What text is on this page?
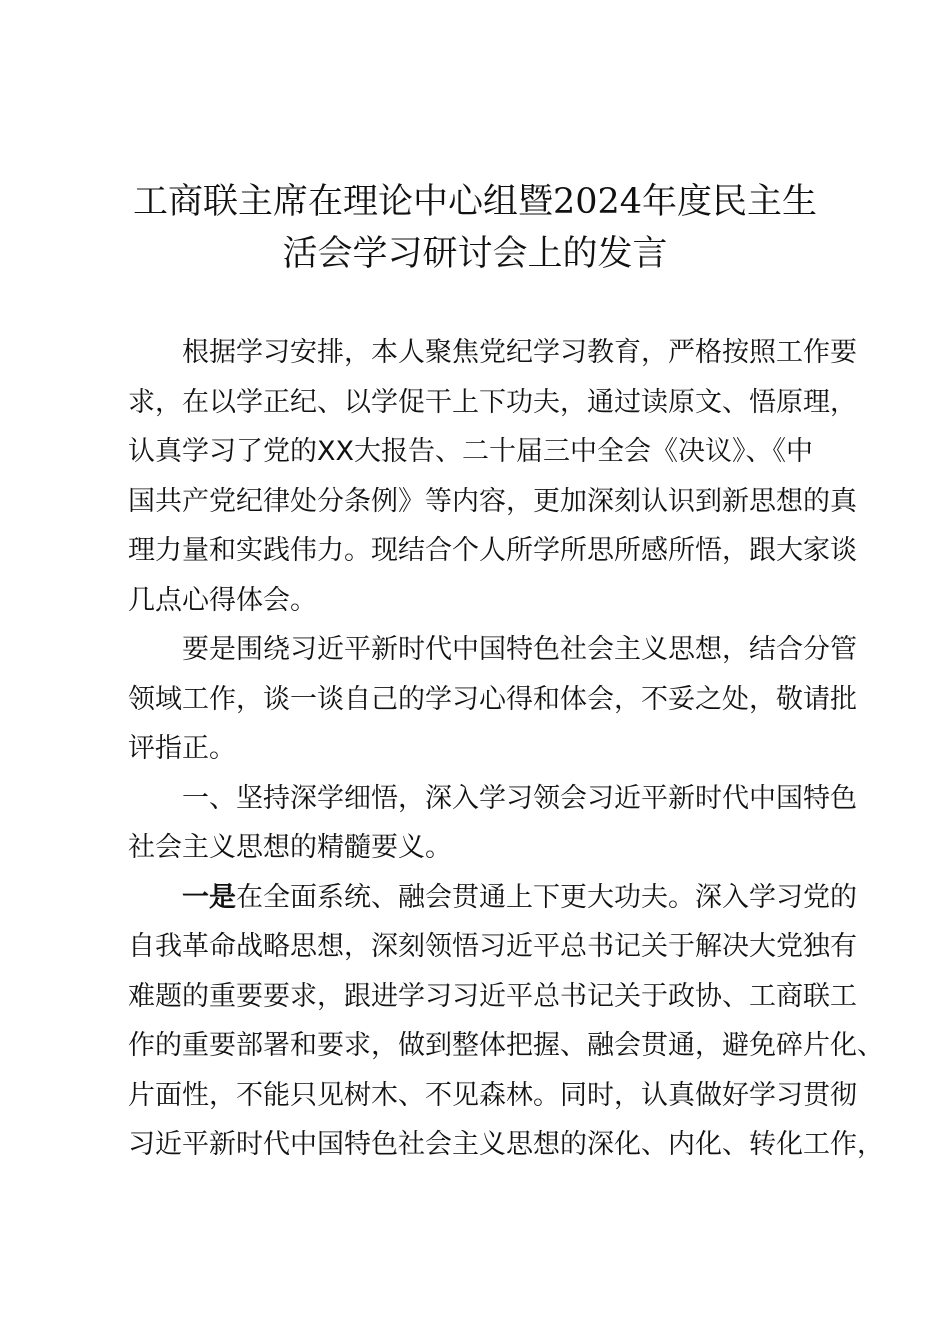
工商联主席在理论中心组暨2024年度民主生
活会学习研讨会上的发言

根据学习安排，本人聚焦党纪学习教育，严格按照工作要
求，在以学正纪、以学促干上下功夫，通过读原文、悟原理，
认真学习了党的XX大报告、二十届三中全会《决议》、《中
国共产党纪律处分条例》等内容，更加深刻认识到新思想的真
理力量和实践伟力。现结合个人所学所思所感所悟，跟大家谈
几点心得体会。

要是围绕习近平新时代中国特色社会主义思想，结合分管
领域工作，谈一谈自己的学习心得和体会，不妥之处，敬请批
评指正。

一、坚持深学细悟，深入学习领会习近平新时代中国特色
社会主义思想的精髓要义。

一是在全面系统、融会贯通上下更大功夫。深入学习党的
自我革命战略思想，深刻领悟习近平总书记关于解决大党独有
难题的重要要求，跟进学习习近平总书记关于政协、工商联工
作的重要部署和要求，做到整体把握、融会贯通，避免碎片化、
片面性，不能只见树木、不见森林。同时，认真做好学习贯彻
习近平新时代中国特色社会主义思想的深化、内化、转化工作，
